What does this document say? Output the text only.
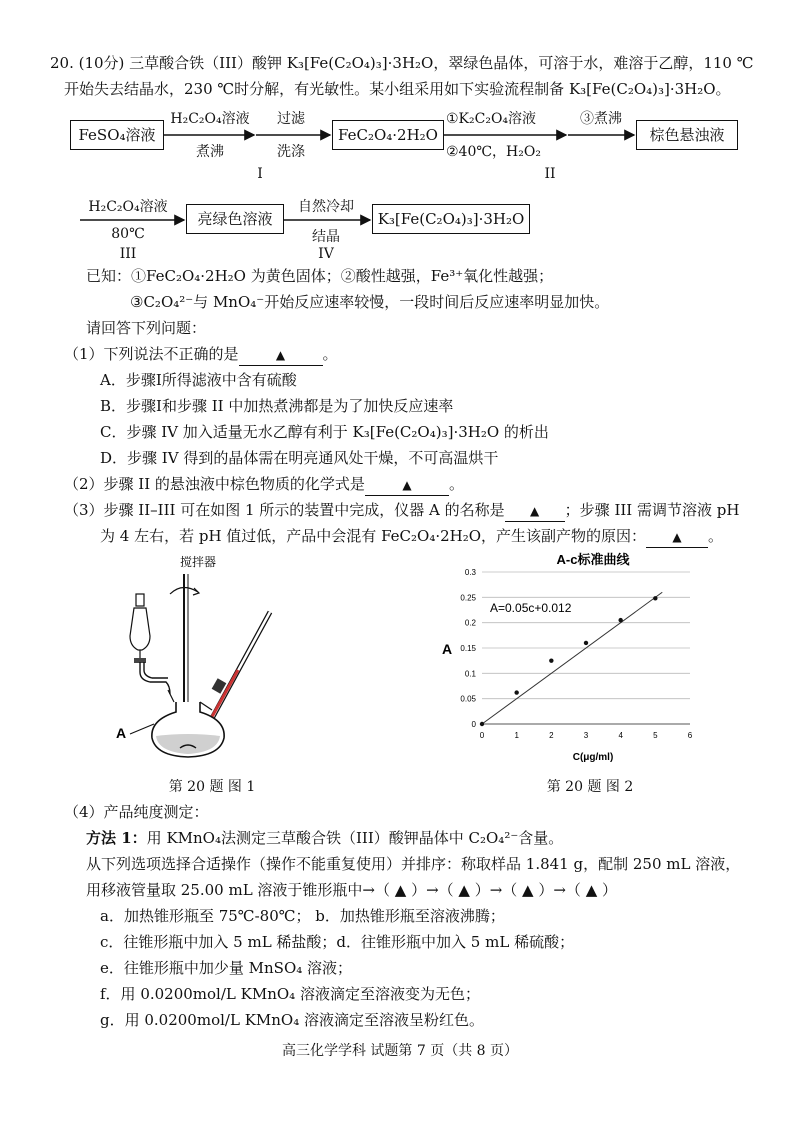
20. (10分) 三草酸合铁（III）酸钾 K₃[Fe(C₂O₄)₃]·3H₂O，翠绿色晶体，可溶于水，难溶于乙醇，110 ℃
开始失去结晶水，230 ℃时分解，有光敏性。某小组采用如下实验流程制备 K₃[Fe(C₂O₄)₃]·3H₂O。
FeSO₄溶液
H₂C₂O₄溶液
煮沸
过滤
洗涤
I
FeC₂O₄·2H₂O
①K₂C₂O₄溶液
②40℃，H₂O₂
II
③煮沸
棕色悬浊液
H₂C₂O₄溶液
80℃
III
亮绿色溶液
自然冷却
结晶
IV
K₃[Fe(C₂O₄)₃]·3H₂O
已知：①FeC₂O₄·2H₂O 为黄色固体；②酸性越强，Fe³⁺氧化性越强；
③C₂O₄²⁻与 MnO₄⁻开始反应速率较慢，一段时间后反应速率明显加快。
请回答下列问题：
（1）下列说法不正确的是	▲ 。
A．步骤I所得滤液中含有硫酸
B．步骤I和步骤 II 中加热煮沸都是为了加快反应速率
C．步骤 IV 加入适量无水乙醇有利于 K₃[Fe(C₂O₄)₃]·3H₂O 的析出
D．步骤 IV 得到的晶体需在明亮通风处干燥，不可高温烘干
（2）步骤 II 的悬浊液中棕色物质的化学式是	▲ 。
（3）步骤 II–III 可在如图 1 所示的装置中完成，仪器 A 的名称是 ▲ ；步骤 III 需调节溶液 pH
为 4 左右，若 pH 值过低，产品中会混有 FeC₂O₄·2H₂O，产生该副产物的原因： ▲ 。
搅拌器
A
第 20 题 图 1
A-c标准曲线
0
0.05
0.1
0.15
0.2
0.25
0.3
0	1	2	3	4	5	6
A
C(μg/ml)
A=0.05c+0.012
第 20 题 图 2
（4）产品纯度测定：
方法 1：用 KMnO₄法测定三草酸合铁（III）酸钾晶体中 C₂O₄²⁻含量。
从下列选项选择合适操作（操作不能重复使用）并排序：称取样品 1.841 g，配制 250 mL 溶液，
用移液管量取 25.00 mL 溶液于锥形瓶中→（ ▲ ）→（ ▲ ）→（ ▲ ）→（ ▲ ）
a．加热锥形瓶至 75℃-80℃； b．加热锥形瓶至溶液沸腾；
c．往锥形瓶中加入 5 mL 稀盐酸；d．往锥形瓶中加入 5 mL 稀硫酸；
e．往锥形瓶中加少量 MnSO₄ 溶液；
f．用 0.0200mol/L KMnO₄ 溶液滴定至溶液变为无色；
g．用 0.0200mol/L KMnO₄ 溶液滴定至溶液呈粉红色。
高三化学学科 试题第 7 页（共 8 页）
